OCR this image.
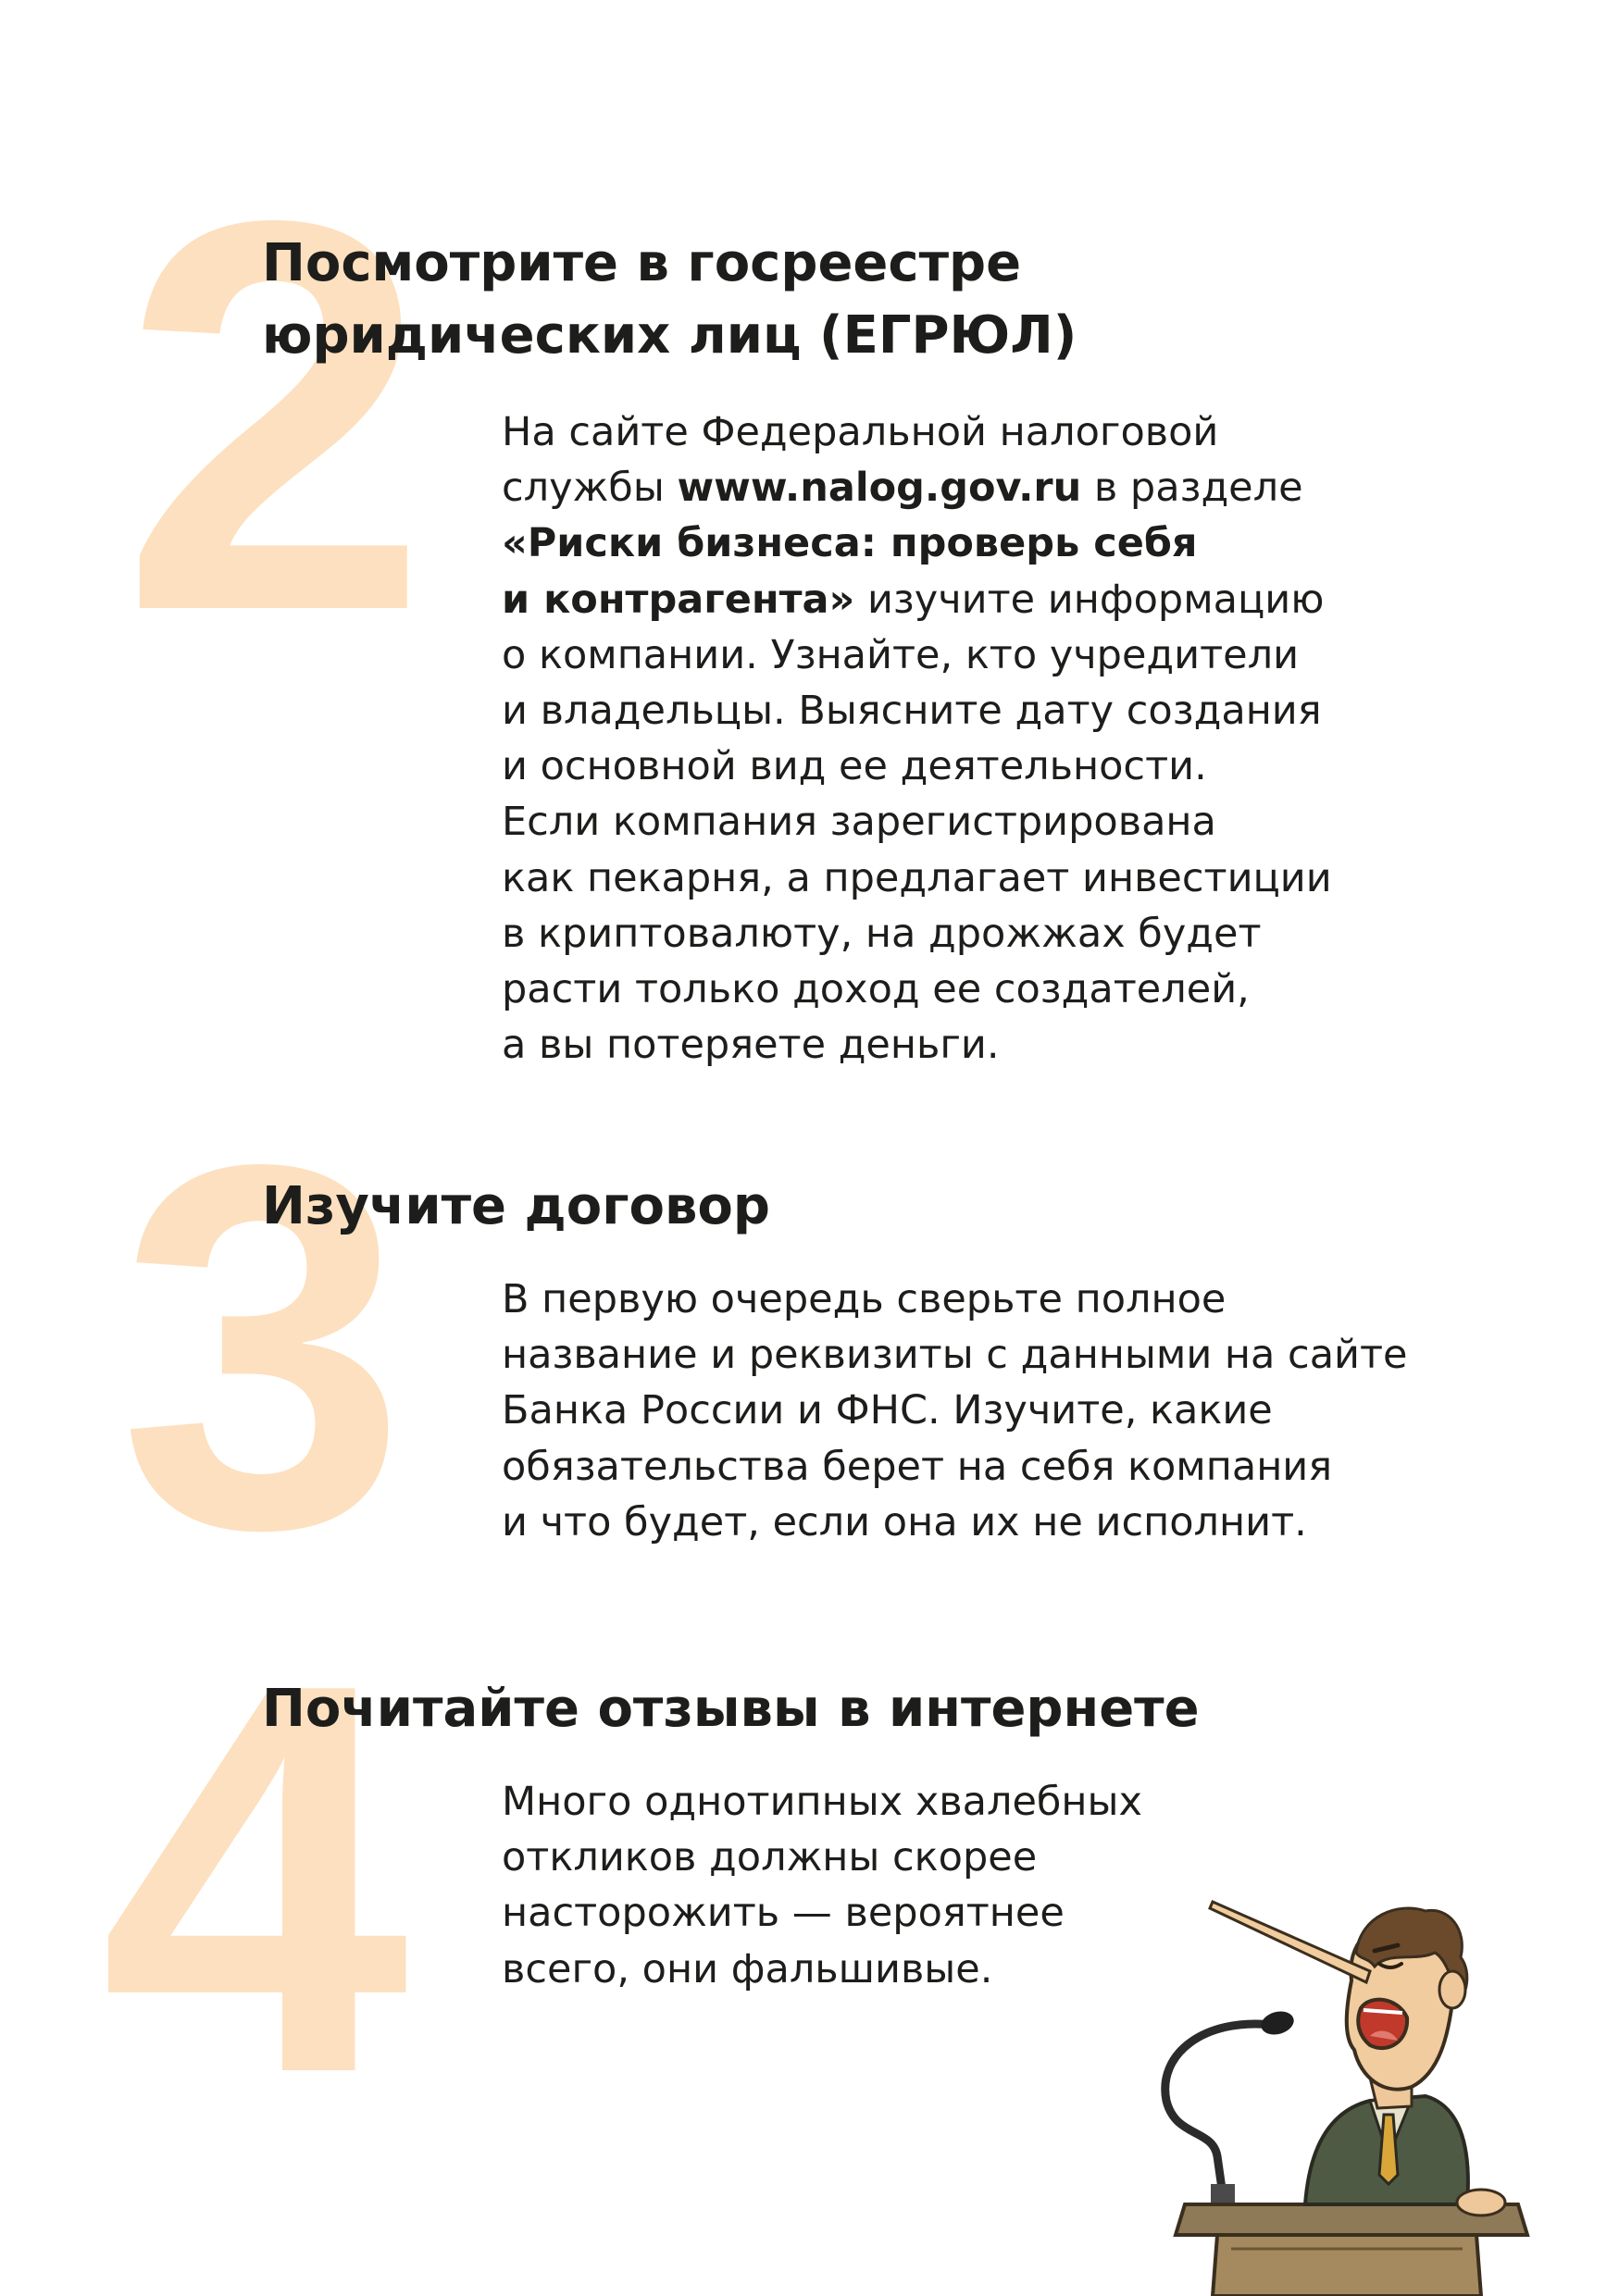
2
Посмотрите в госреестре
юридических лиц (ЕГРЮЛ)
На сайте Федеральной налоговой
службы www.nalog.gov.ru в разделе
«Риски бизнеса: проверь себя
и контрагента» изучите информацию
о компании. Узнайте, кто учредители
и владельцы. Выясните дату создания
и основной вид ее деятельности.
Если компания зарегистрирована
как пекарня, а предлагает инвестиции
в криптовалюту, на дрожжах будет
расти только доход ее создателей,
а вы потеряете деньги.
3
Изучите договор
В первую очередь сверьте полное
название и реквизиты с данными на сайте
Банка России и ФНС. Изучите, какие
обязательства берет на себя компания
и что будет, если она их не исполнит.
4
Почитайте отзывы в интернете
Много однотипных хвалебных
откликов должны скорее
насторожить — вероятнее
всего, они фальшивые.
